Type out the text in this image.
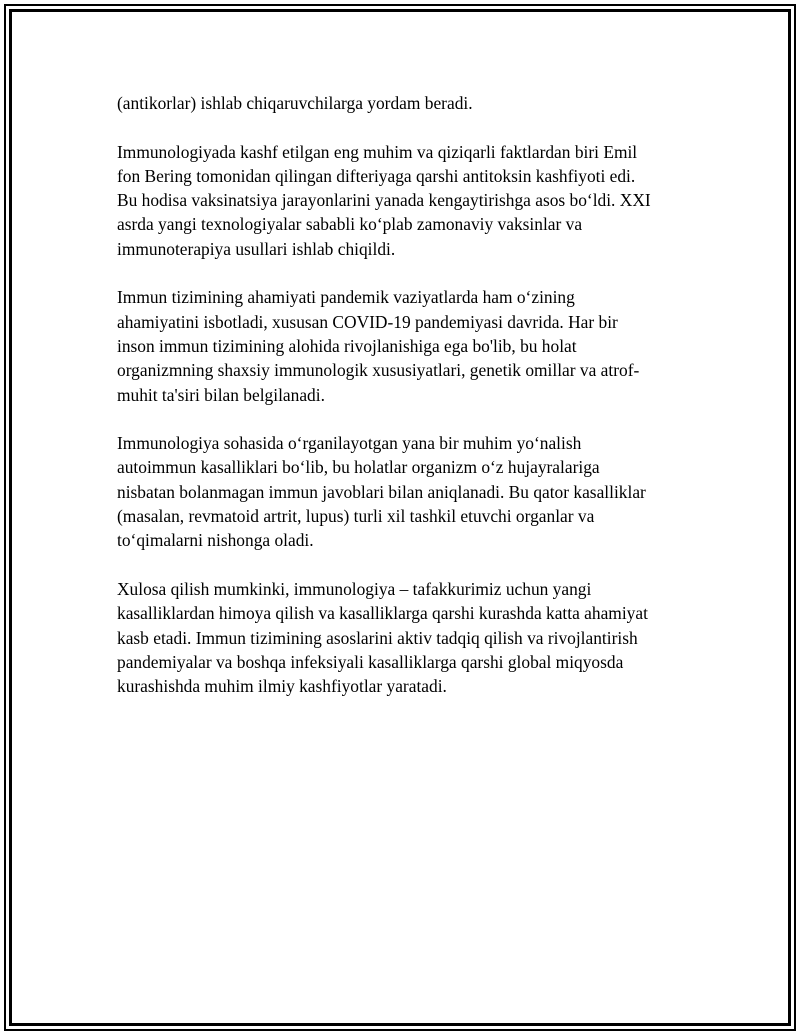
(antikorlar) ishlab chiqaruvchilarga yordam beradi.

Immunologiyada kashf etilgan eng muhim va qiziqarli faktlardan biri Emil
fon Bering tomonidan qilingan difteriyaga qarshi antitoksin kashfiyoti edi.
Bu hodisa vaksinatsiya jarayonlarini yanada kengaytirishga asos bo‘ldi. XXI
asrda yangi texnologiyalar sababli ko‘plab zamonaviy vaksinlar va
immunoterapiya usullari ishlab chiqildi.

Immun tizimining ahamiyati pandemik vaziyatlarda ham o‘zining
ahamiyatini isbotladi, xususan COVID-19 pandemiyasi davrida. Har bir
inson immun tizimining alohida rivojlanishiga ega bo'lib, bu holat
organizmning shaxsiy immunologik xususiyatlari, genetik omillar va atrof-
muhit ta'siri bilan belgilanadi.

Immunologiya sohasida o‘rganilayotgan yana bir muhim yo‘nalish
autoimmun kasalliklari bo‘lib, bu holatlar organizm o‘z hujayralariga
nisbatan bolanmagan immun javoblari bilan aniqlanadi. Bu qator kasalliklar
(masalan, revmatoid artrit, lupus) turli xil tashkil etuvchi organlar va
to‘qimalarni nishonga oladi.

Xulosa qilish mumkinki, immunologiya – tafakkurimiz uchun yangi
kasalliklardan himoya qilish va kasalliklarga qarshi kurashda katta ahamiyat
kasb etadi. Immun tizimining asoslarini aktiv tadqiq qilish va rivojlantirish
pandemiyalar va boshqa infeksiyali kasalliklarga qarshi global miqyosda
kurashishda muhim ilmiy kashfiyotlar yaratadi.
